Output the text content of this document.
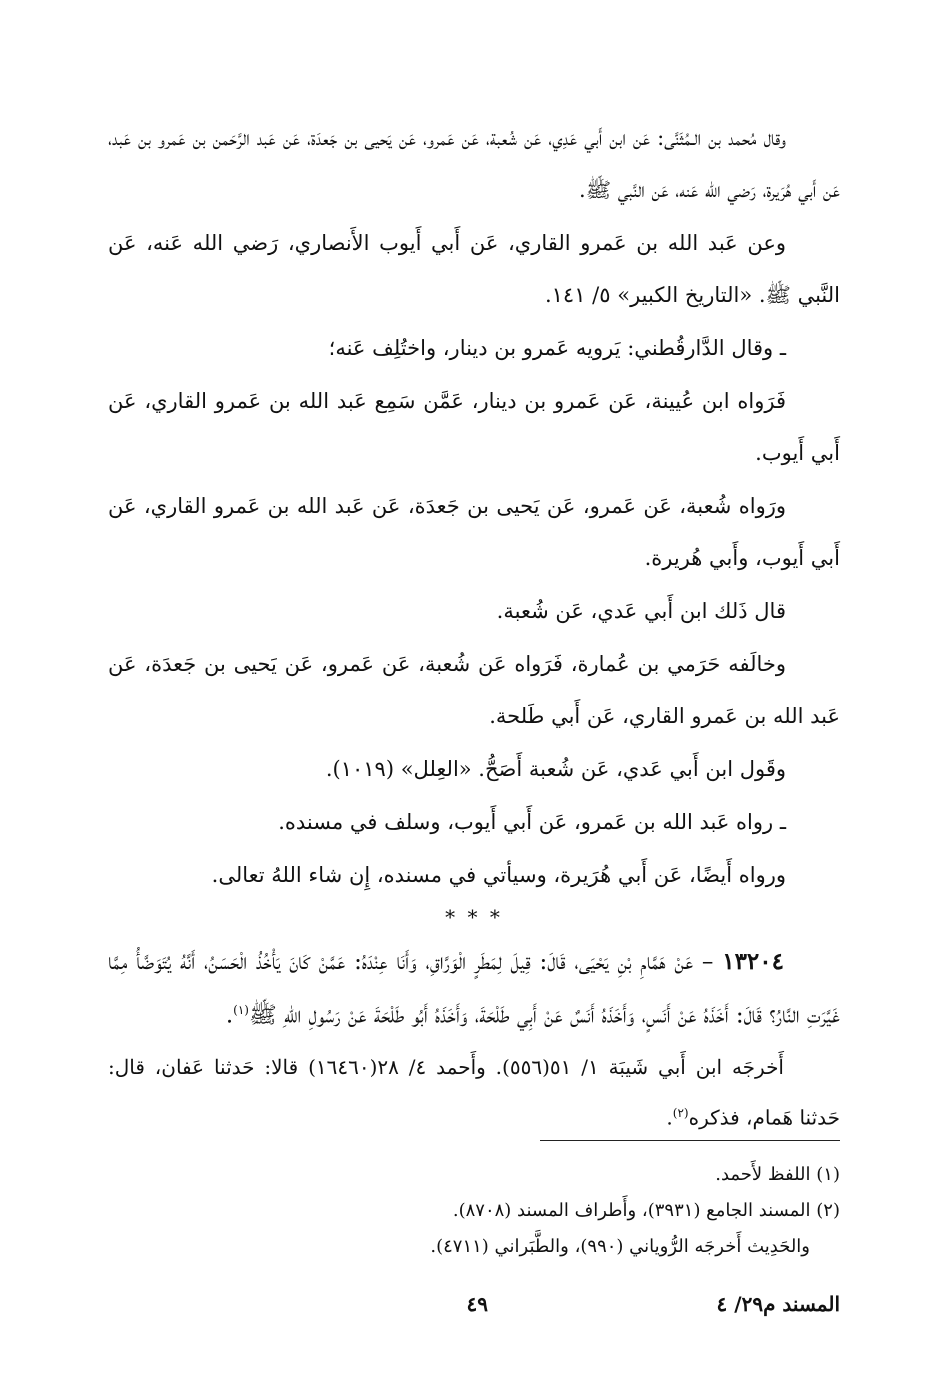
وقال مُحمد بن الـمُثَنَّى: عَن ابن أَبي عَدِي، عَن شُعبة، عَن عَمرو، عَن يَحيى بن جَعدَة، عَن عَبد الرَّحَمن بن عَمرو بن عَبد، عَن أَبي هُرَيرة، رَضي الله عَنه، عَن النَّبي ﷺ.

وعن عَبد الله بن عَمرو القاري، عَن أَبي أَيوب الأَنصاري، رَضي الله عَنه، عَن النَّبي ﷺ. «التاريخ الكبير» ٥/ ١٤١.

ـ وقال الدَّارقُطني: يَرويه عَمرو بن دينار، واختُلِف عَنه؛

فَرَواه ابن عُيينة، عَن عَمرو بن دينار، عَمَّن سَمِع عَبد الله بن عَمرو القاري، عَن أَبي أَيوب.

ورَواه شُعبة، عَن عَمرو، عَن يَحيى بن جَعدَة، عَن عَبد الله بن عَمرو القاري، عَن أَبي أَيوب، وأَبي هُريرة.

قال ذَلك ابن أَبي عَدي، عَن شُعبة.

وخالَفه حَرَمي بن عُمارة، فَرَواه عَن شُعبة، عَن عَمرو، عَن يَحيى بن جَعدَة، عَن عَبد الله بن عَمرو القاري، عَن أَبي طَلحة.

وقَول ابن أَبي عَدي، عَن شُعبة أَصَحُّ. «العِلل» (١٠١٩).

ـ رواه عَبد الله بن عَمرو، عَن أَبي أَيوب، وسلف في مسنده.

ورواه أَيضًا، عَن أَبي هُرَيرة، وسيأتي في مسنده، إِن شاء اللهُ تعالى.

* * *

١٣٢٠٤ – عَنْ هَمَّامِ بْنِ يَحْيَى، قَالَ: قِيلَ لِمَطَرٍ الْوَرَّاقِ، وَأَنَا عِنْدَهُ: عَمَّنْ كَانَ يَأْخُذُ الْحَسَنُ، أَنَّهُ يُتَوَضَّأُ مِمَّا غَيَّرَتِ النَّارُ؟ قَالَ: أَخَذَهُ عَنْ أَنَسٍ، وَأَخَذَهُ أَنَسٌ عَنْ أَبِي طَلْحَةَ، وَأَخَذَهُ أَبُو طَلْحَةَ عَنْ رَسُولِ اللهِ ﷺ$^{(١)}$.

أَخرجَه ابن أَبي شَيبَة ١/ ٥١(٥٥٦). وأَحمد ٤/ ٢٨(١٦٤٦٠) قالا: حَدثنا عَفان، قال: حَدثنا هَمام، فذكره$^{(٢)}$.

(١) اللفظ لأَحمد.

(٢) المسند الجامع (٣٩٣١)، وأَطراف المسند (٨٧٠٨).

والحَدِيث أَخرجَه الرُّوياني (٩٩٠)، والطَّبَراني (٤٧١١).

المسند م٢٩/ ٤
٤٩
